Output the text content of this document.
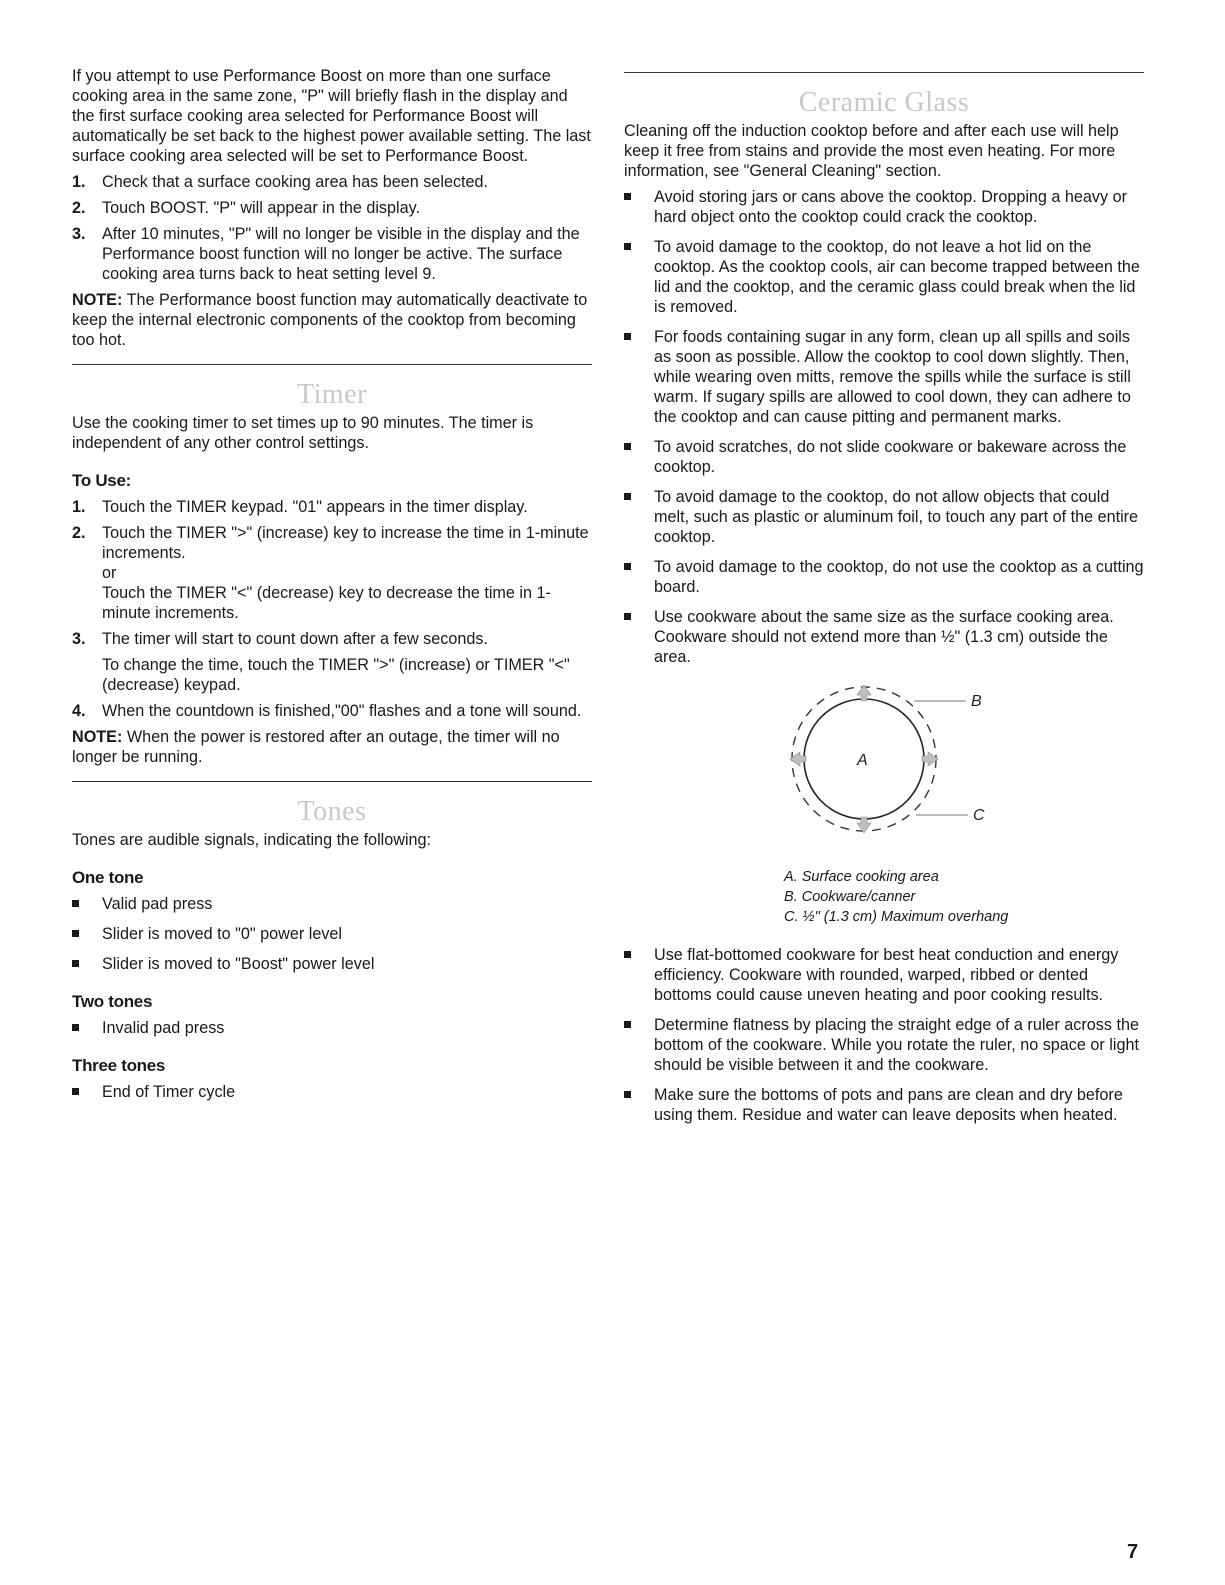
If you attempt to use Performance Boost on more than one surface cooking area in the same zone, "P" will briefly flash in the display and the first surface cooking area selected for Performance Boost will automatically be set back to the highest power available setting. The last surface cooking area selected will be set to Performance Boost.

1. Check that a surface cooking area has been selected.
2. Touch BOOST. "P" will appear in the display.
3. After 10 minutes, "P" will no longer be visible in the display and the Performance boost function will no longer be active. The surface cooking area turns back to heat setting level 9.

NOTE: The Performance boost function may automatically deactivate to keep the internal electronic components of the cooktop from becoming too hot.

Timer

Use the cooking timer to set times up to 90 minutes. The timer is independent of any other control settings.

To Use:
1. Touch the TIMER keypad. "01" appears in the timer display.
2. Touch the TIMER ">" (increase) key to increase the time in 1-minute increments.
or
Touch the TIMER "<" (decrease) key to decrease the time in 1-minute increments.
3. The timer will start to count down after a few seconds.
To change the time, touch the TIMER ">" (increase) or TIMER "<" (decrease) keypad.
4. When the countdown is finished,"00" flashes and a tone will sound.

NOTE: When the power is restored after an outage, the timer will no longer be running.

Tones

Tones are audible signals, indicating the following:

One tone
Valid pad press
Slider is moved to "0" power level
Slider is moved to "Boost" power level
Two tones
Invalid pad press
Three tones
End of Timer cycle
Ceramic Glass

Cleaning off the induction cooktop before and after each use will help keep it free from stains and provide the most even heating. For more information, see "General Cleaning" section.

Avoid storing jars or cans above the cooktop. Dropping a heavy or hard object onto the cooktop could crack the cooktop.
To avoid damage to the cooktop, do not leave a hot lid on the cooktop. As the cooktop cools, air can become trapped between the lid and the cooktop, and the ceramic glass could break when the lid is removed.
For foods containing sugar in any form, clean up all spills and soils as soon as possible. Allow the cooktop to cool down slightly. Then, while wearing oven mitts, remove the spills while the surface is still warm. If sugary spills are allowed to cool down, they can adhere to the cooktop and can cause pitting and permanent marks.
To avoid scratches, do not slide cookware or bakeware across the cooktop.
To avoid damage to the cooktop, do not allow objects that could melt, such as plastic or aluminum foil, to touch any part of the entire cooktop.
To avoid damage to the cooktop, do not use the cooktop as a cutting board.
Use cookware about the same size as the surface cooking area. Cookware should not extend more than ½" (1.3 cm) outside the area.
A
B
C
A. Surface cooking area
B. Cookware/canner
C. ½" (1.3 cm) Maximum overhang
Use flat-bottomed cookware for best heat conduction and energy efficiency. Cookware with rounded, warped, ribbed or dented bottoms could cause uneven heating and poor cooking results.
Determine flatness by placing the straight edge of a ruler across the bottom of the cookware. While you rotate the ruler, no space or light should be visible between it and the cookware.
Make sure the bottoms of pots and pans are clean and dry before using them. Residue and water can leave deposits when heated.
7
